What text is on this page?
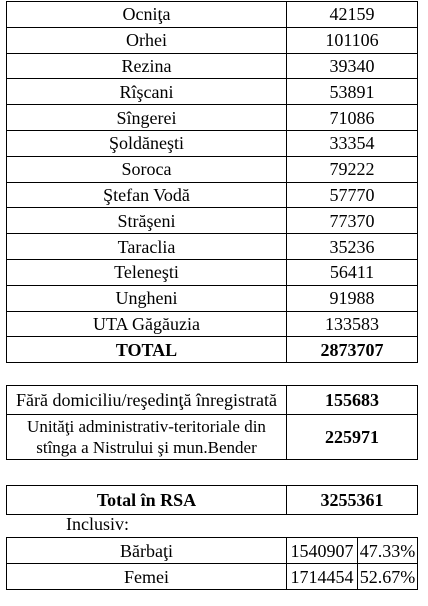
Ocniţa	42159
Orhei	101106
Rezina	39340
Rîşcani	53891
Sîngerei	71086
Şoldăneşti	33354
Soroca	79222
Ştefan Vodă	57770
Străşeni	77370
Taraclia	35236
Teleneşti	56411
Ungheni	91988
UTA Găgăuzia	133583
TOTAL	2873707
Fără domiciliu/reşedinţă înregistrată	155683
Unităţi administrativ-teritoriale din stînga a Nistrului şi mun.Bender	225971
Total în RSA	3255361
Inclusiv:
Bărbaţi	1540907	47.33%
Femei	1714454	52.67%
